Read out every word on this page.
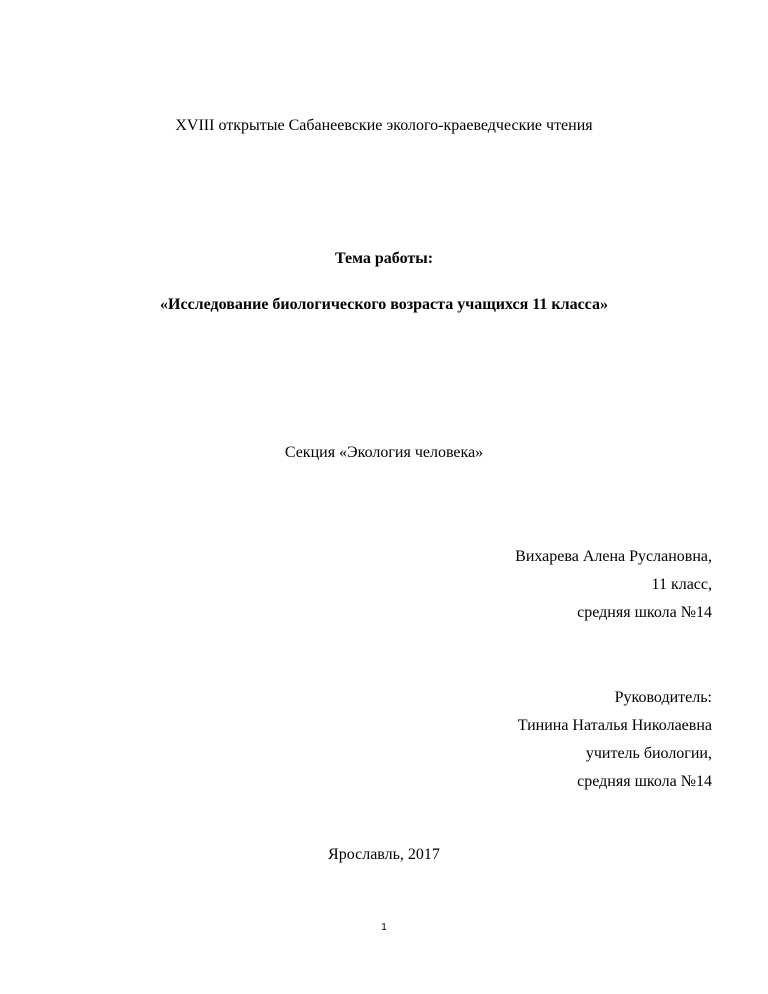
XVIII открытые Сабанеевские эколого-краеведческие чтения
Тема работы:
«Исследование биологического возраста учащихся 11 класса»
Секция «Экология человека»
Вихарева Алена Руслановна,
11 класс,
средняя школа №14
Руководитель:
Тинина Наталья Николаевна
учитель биологии,
средняя школа №14
Ярославль, 2017
1
